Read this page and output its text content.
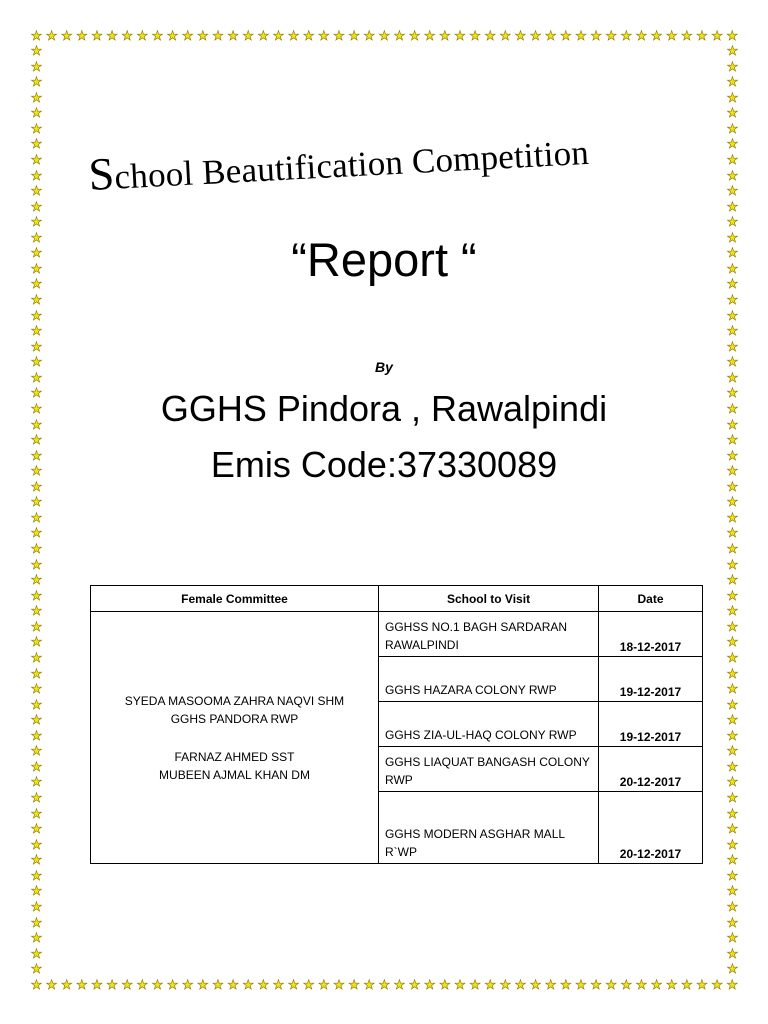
★ ★ ★ ★ ★ ★ ★ ★ ★ ★ ★ ★ ★ ★ ★ ★ ★ ★ ★ ★ ★ ★ ★ ★ ★ ★ ★ ★ ★ ★ ★ ★ ★ ★ ★ ★ ★ ★ ★ ★ ★ ★ ★ ★ ★ ★ ★
★ ★ ★ ★ ★ ★ ★ ★ ★ ★ ★ ★ ★ ★ ★ ★ ★ ★ ★ ★ ★ ★ ★ ★ ★ ★ ★ ★ ★ ★ ★ ★ ★ ★ ★ ★ ★ ★ ★ ★ ★ ★ ★ ★ ★ ★ ★
★
★
★
★
★
★
★
★
★
★
★
★
★
★
★
★
★
★
★
★
★
★
★
★
★
★
★
★
★
★
★
★
★
★
★
★
★
★
★
★
★
★
★
★
★
★
★
★
★
★
★
★
★
★
★
★
★
★
★
★
★
★
★
★
★
★
★
★
★
★
★
★
★
★
★
★
★
★
★
★
★
★
★
★
★
★
★
★
★
★
★
★
★
★
★
★
★
★
★
★
★
★
★
★
★
★
★
★
★
★
★
★
★
★
★
★
★
★
★
★
School Beautification Competition
“Report “
By
GGHS Pindora , Rawalpindi
Emis Code:37330089
Female Committee	School to Visit	Date

SYEDA MASOOMA ZAHRA NAQVI SHM
GGHS PANDORA RWP
FARNAZ AHMED SST
MUBEEN AJMAL KHAN DM	GGHSS NO.1 BAGH SARDARAN RAWALPINDI	18-12-2017
	GGHS HAZARA COLONY RWP	19-12-2017
	GGHS ZIA-UL-HAQ COLONY RWP	19-12-2017
	GGHS LIAQUAT BANGASH COLONY RWP	20-12-2017
	GGHS MODERN ASGHAR MALL R`WP	20-12-2017
